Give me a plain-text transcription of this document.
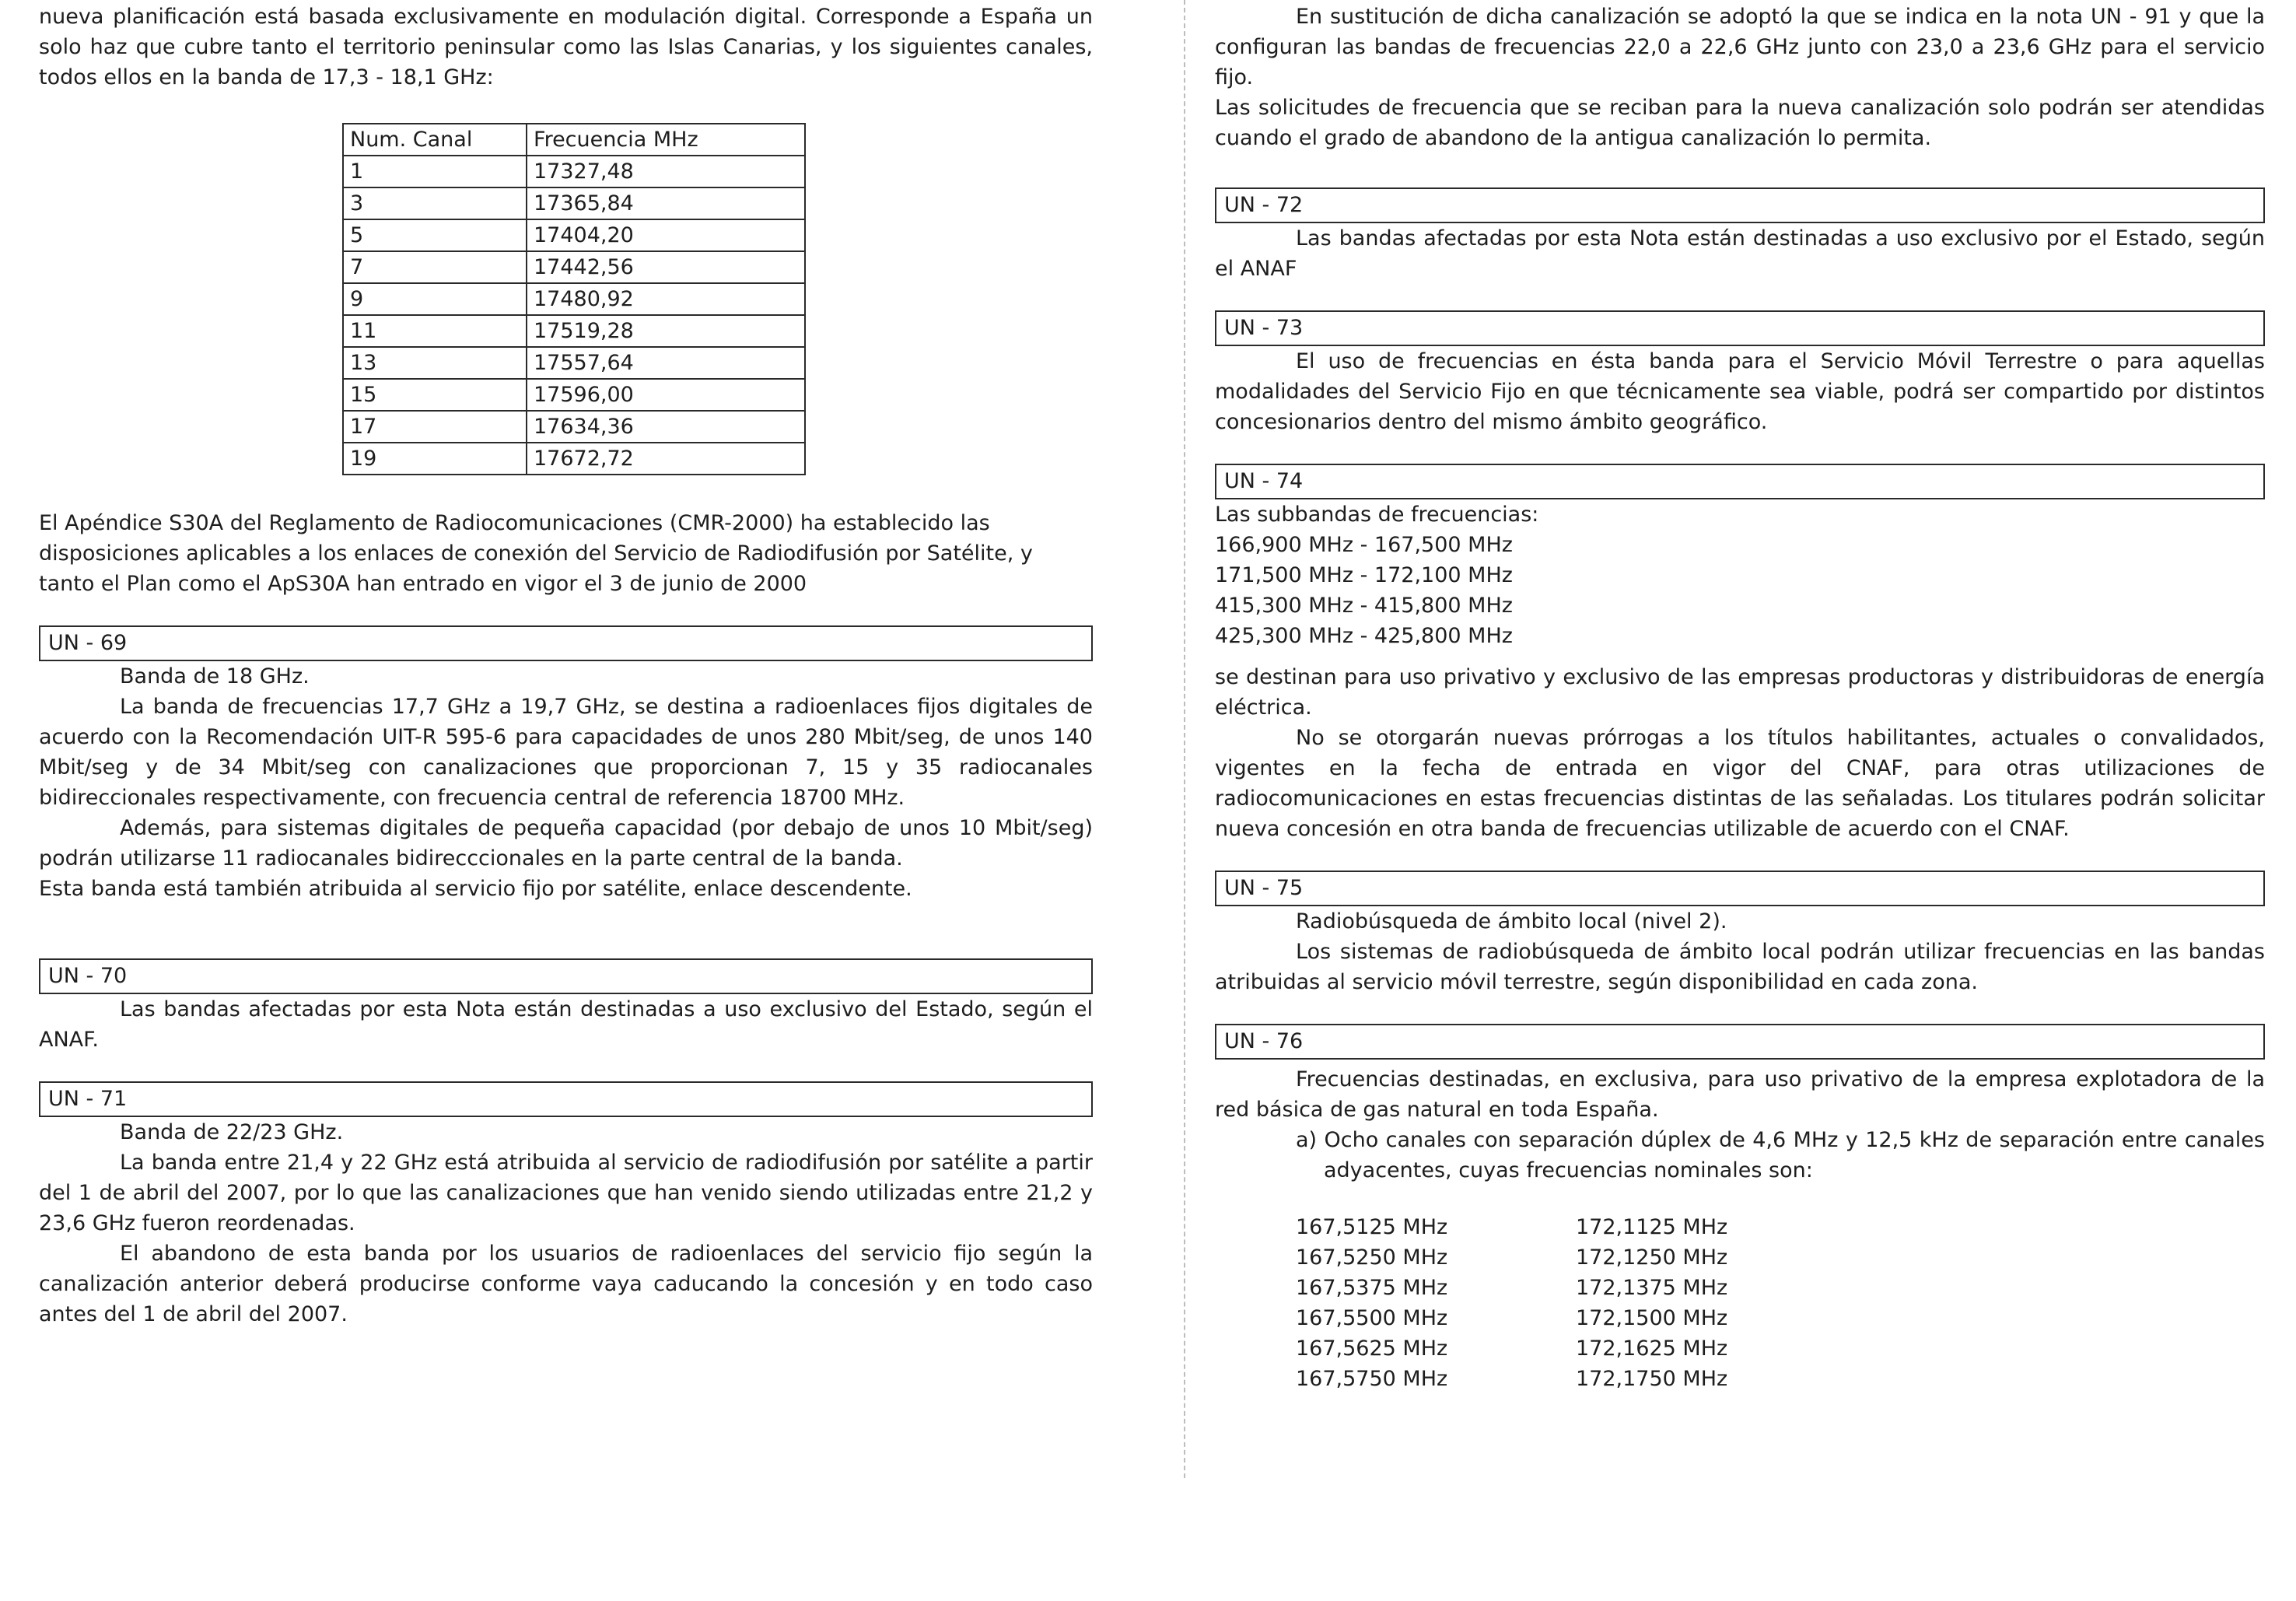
nueva planificación está basada exclusivamente en modulación digital. Corresponde a España un solo haz que cubre tanto el territorio peninsular como las Islas Canarias, y los siguientes canales, todos ellos en la banda de 17,3 - 18,1 GHz:

Num. Canal	Frecuencia MHz
1	17327,48
3	17365,84
5	17404,20
7	17442,56
9	17480,92
11	17519,28
13	17557,64
15	17596,00
17	17634,36
19	17672,72

El Apéndice S30A del Reglamento de Radiocomunicaciones (CMR-2000) ha establecido las disposiciones aplicables a los enlaces de conexión del Servicio de Radiodifusión por Satélite, y tanto el Plan como el ApS30A han entrado en vigor el 3 de junio de 2000

UN - 69

Banda de 18 GHz.

La banda de frecuencias 17,7 GHz a 19,7 GHz, se destina a radioenlaces fijos digitales de acuerdo con la Recomendación UIT-R 595-6 para capacidades de unos 280 Mbit/seg, de unos 140 Mbit/seg y de 34 Mbit/seg con canalizaciones que proporcionan 7, 15 y 35 radiocanales bidireccionales respectivamente, con frecuencia central de referencia 18700 MHz.

Además, para sistemas digitales de pequeña capacidad (por debajo de unos 10 Mbit/seg) podrán utilizarse 11 radiocanales bidirecccionales en la parte central de la banda.

Esta banda está también atribuida al servicio fijo por satélite, enlace descendente.

UN - 70

Las bandas afectadas por esta Nota están destinadas a uso exclusivo del Estado, según el ANAF.

UN - 71

Banda de 22/23 GHz.

La banda entre 21,4 y 22 GHz está atribuida al servicio de radiodifusión por satélite a partir del 1 de abril del 2007, por lo que las canalizaciones que han venido siendo utilizadas entre 21,2 y 23,6 GHz fueron reordenadas.

El abandono de esta banda por los usuarios de radioenlaces del servicio fijo según la canalización anterior deberá producirse conforme vaya caducando la concesión y en todo caso antes del 1 de abril del 2007.

En sustitución de dicha canalización se adoptó la que se indica en la nota UN - 91 y que la configuran las bandas de frecuencias 22,0 a 22,6 GHz junto con 23,0 a 23,6 GHz para el servicio fijo.

Las solicitudes de frecuencia que se reciban para la nueva canalización solo podrán ser atendidas cuando el grado de abandono de la antigua canalización lo permita.

UN - 72

Las bandas afectadas por esta Nota están destinadas a uso exclusivo por el Estado, según el ANAF

UN - 73

El uso de frecuencias en ésta banda para el Servicio Móvil Terrestre o para aquellas modalidades del Servicio Fijo en que técnicamente sea viable, podrá ser compartido por distintos concesionarios dentro del mismo ámbito geográfico.

UN - 74

Las subbandas de frecuencias:

166,900 MHz - 167,500 MHz
171,500 MHz - 172,100 MHz
415,300 MHz - 415,800 MHz
425,300 MHz - 425,800 MHz

se destinan para uso privativo y exclusivo de las empresas productoras y distribuidoras de energía eléctrica.

No se otorgarán nuevas prórrogas a los títulos habilitantes, actuales o convalidados, vigentes en la fecha de entrada en vigor del CNAF, para otras utilizaciones de radiocomunicaciones en estas frecuencias distintas de las señaladas. Los titulares podrán solicitar nueva concesión en otra banda de frecuencias utilizable de acuerdo con el CNAF.

UN - 75

Radiobúsqueda de ámbito local (nivel 2).

Los sistemas de radiobúsqueda de ámbito local podrán utilizar frecuencias en las bandas atribuidas al servicio móvil terrestre, según disponibilidad en cada zona.

UN - 76

Frecuencias destinadas, en exclusiva, para uso privativo de la empresa explotadora de la red básica de gas natural en toda España.

a) Ocho canales con separación dúplex de 4,6 MHz y 12,5 kHz de separación entre canales adyacentes, cuyas frecuencias nominales son:

167,5125 MHz	172,1125 MHz
167,5250 MHz	172,1250 MHz
167,5375 MHz	172,1375 MHz
167,5500 MHz	172,1500 MHz
167,5625 MHz	172,1625 MHz
167,5750 MHz	172,1750 MHz
